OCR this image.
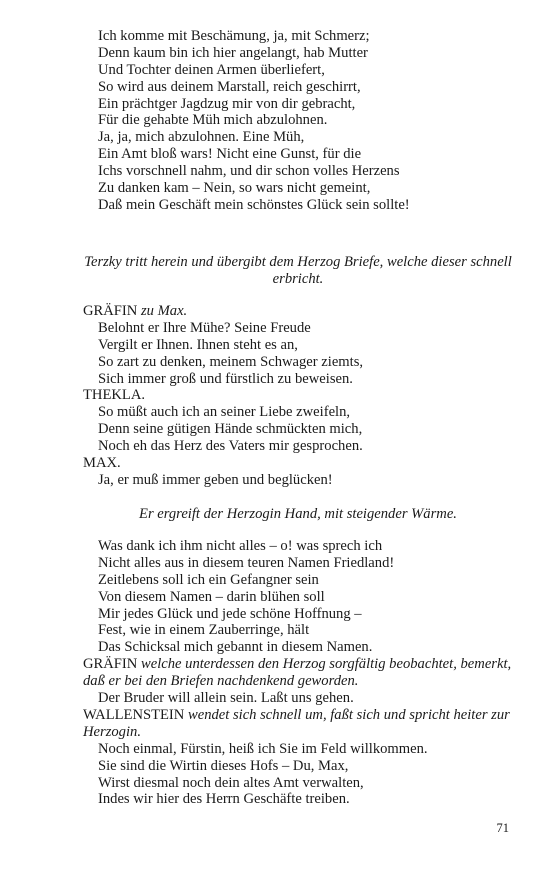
Ich komme mit Beschämung, ja, mit Schmerz;
Denn kaum bin ich hier angelangt, hab Mutter
Und Tochter deinen Armen überliefert,
So wird aus deinem Marstall, reich geschirrt,
Ein prächtger Jagdzug mir von dir gebracht,
Für die gehabte Müh mich abzulohnen.
Ja, ja, mich abzulohnen. Eine Müh,
Ein Amt bloß wars! Nicht eine Gunst, für die
Ichs vorschnell nahm, und dir schon volles Herzens
Zu danken kam – Nein, so wars nicht gemeint,
Daß mein Geschäft mein schönstes Glück sein sollte!
Terzky tritt herein und übergibt dem Herzog Briefe, welche dieser schnell erbricht.
GRÄFIN zu Max.
Belohnt er Ihre Mühe? Seine Freude
Vergilt er Ihnen. Ihnen steht es an,
So zart zu denken, meinem Schwager ziemts,
Sich immer groß und fürstlich zu beweisen.
THEKLA.
So müßt auch ich an seiner Liebe zweifeln,
Denn seine gütigen Hände schmückten mich,
Noch eh das Herz des Vaters mir gesprochen.
MAX.
Ja, er muß immer geben und beglücken!
Er ergreift der Herzogin Hand, mit steigender Wärme.
Was dank ich ihm nicht alles – o! was sprech ich
Nicht alles aus in diesem teuren Namen Friedland!
Zeitlebens soll ich ein Gefangner sein
Von diesem Namen – darin blühen soll
Mir jedes Glück und jede schöne Hoffnung –
Fest, wie in einem Zauberringe, hält
Das Schicksal mich gebannt in diesem Namen.
GRÄFIN welche unterdessen den Herzog sorgfältig beobachtet, bemerkt, daß er bei den Briefen nachdenkend geworden.
Der Bruder will allein sein. Laßt uns gehen.
WALLENSTEIN wendet sich schnell um, faßt sich und spricht heiter zur Herzogin.
Noch einmal, Fürstin, heiß ich Sie im Feld willkommen.
Sie sind die Wirtin dieses Hofs – Du, Max,
Wirst diesmal noch dein altes Amt verwalten,
Indes wir hier des Herrn Geschäfte treiben.
71
